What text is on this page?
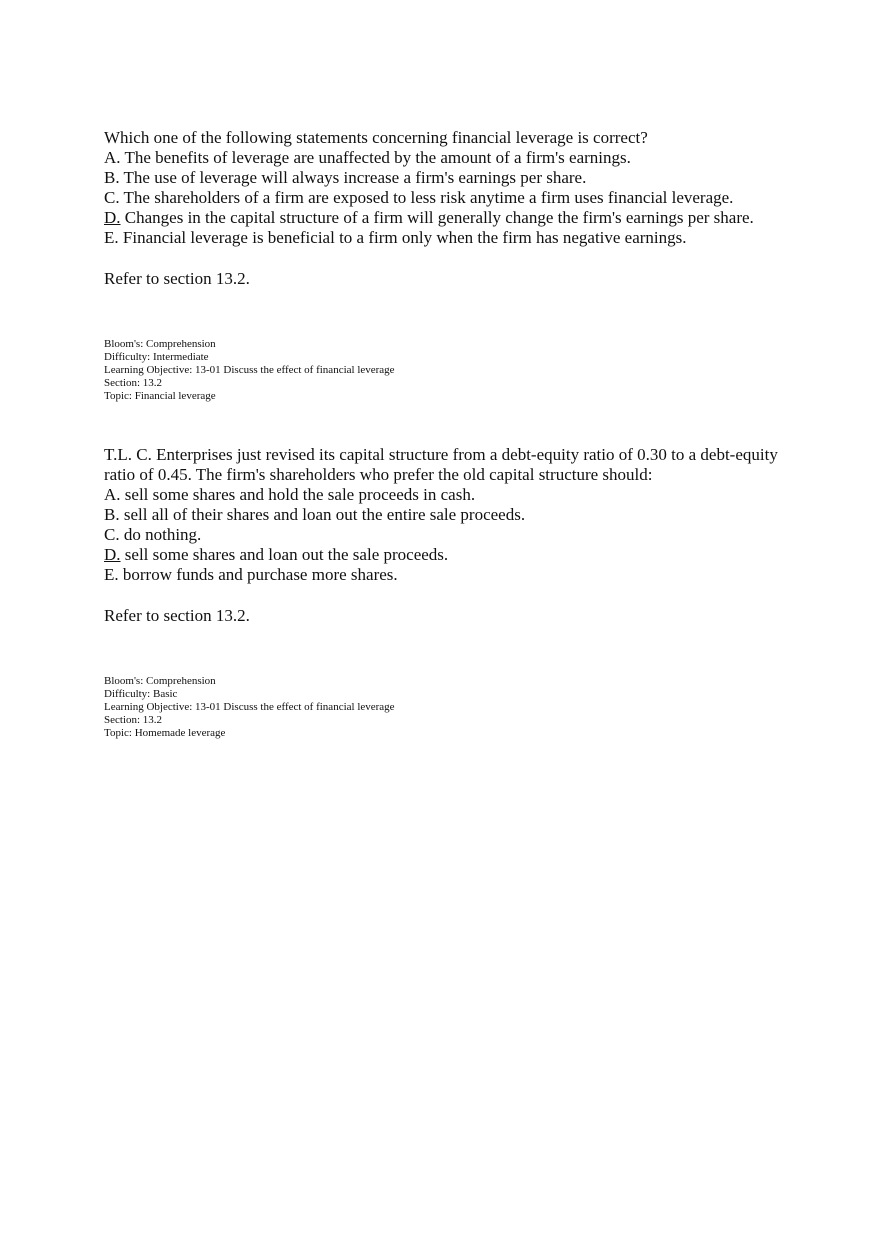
Which one of the following statements concerning financial leverage is correct?

A. The benefits of leverage are unaffected by the amount of a firm's earnings.

B. The use of leverage will always increase a firm's earnings per share.

C. The shareholders of a firm are exposed to less risk anytime a firm uses financial leverage.

D. Changes in the capital structure of a firm will generally change the firm's earnings per share.

E. Financial leverage is beneficial to a firm only when the firm has negative earnings.

Refer to section 13.2.
Bloom's: Comprehension
Difficulty: Intermediate
Learning Objective: 13-01 Discuss the effect of financial leverage
Section: 13.2
Topic: Financial leverage

T.L. C. Enterprises just revised its capital structure from a debt-equity ratio of 0.30 to a debt-equity ratio of 0.45. The firm's shareholders who prefer the old capital structure should:

A. sell some shares and hold the sale proceeds in cash.

B. sell all of their shares and loan out the entire sale proceeds.

C. do nothing.

D. sell some shares and loan out the sale proceeds.

E. borrow funds and purchase more shares.

Refer to section 13.2.
Bloom's: Comprehension
Difficulty: Basic
Learning Objective: 13-01 Discuss the effect of financial leverage
Section: 13.2
Topic: Homemade leverage
